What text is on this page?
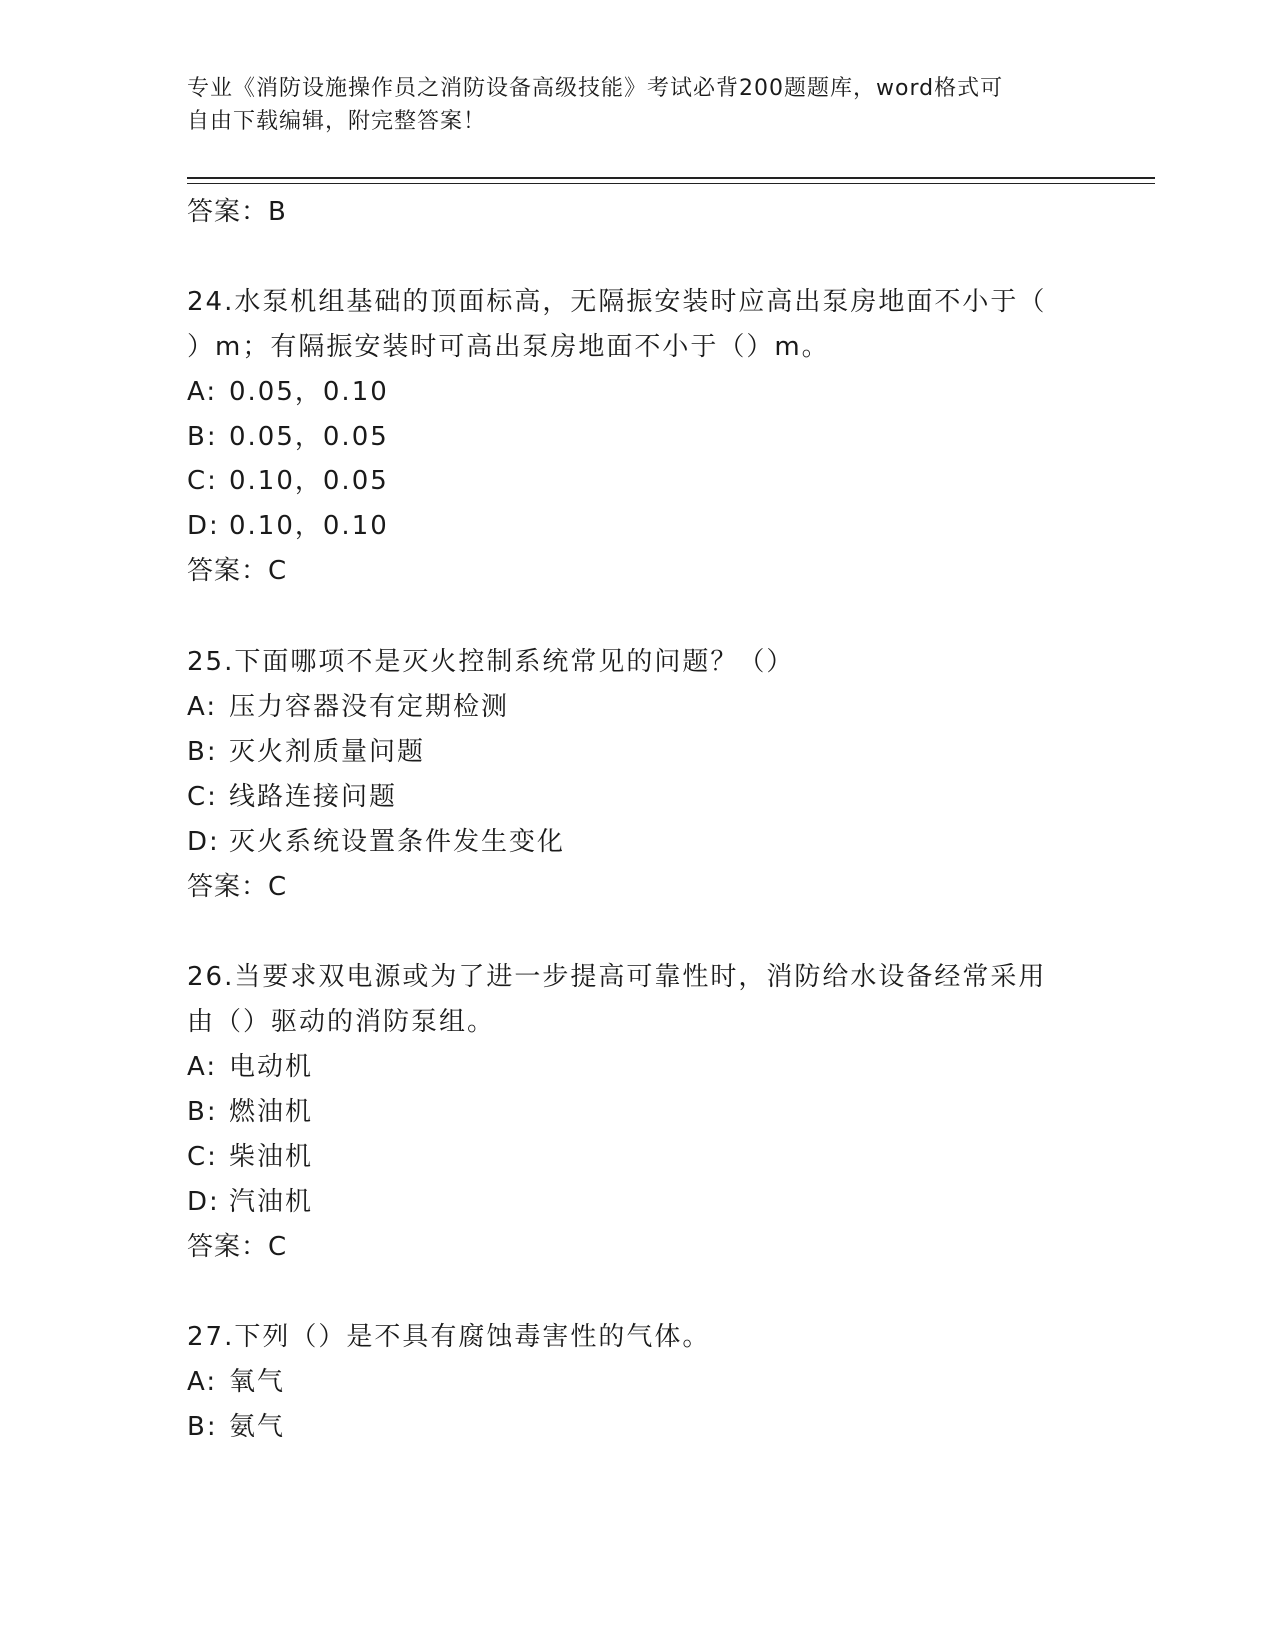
专业《消防设施操作员之消防设备高级技能》考试必背200题题库，word格式可
自由下载编辑，附完整答案！
答案：B
24.水泵机组基础的顶面标高，无隔振安装时应高出泵房地面不小于（
）m；有隔振安装时可高出泵房地面不小于（）m。
A: 0.05，0.10
B: 0.05，0.05
C: 0.10，0.05
D: 0.10，0.10
答案：C
25.下面哪项不是灭火控制系统常见的问题？（）
A: 压力容器没有定期检测
B: 灭火剂质量问题
C: 线路连接问题
D: 灭火系统设置条件发生变化
答案：C
26.当要求双电源或为了进一步提高可靠性时，消防给水设备经常采用
由（）驱动的消防泵组。
A: 电动机
B: 燃油机
C: 柴油机
D: 汽油机
答案：C
27.下列（）是不具有腐蚀毒害性的气体。
A: 氧气
B: 氨气
